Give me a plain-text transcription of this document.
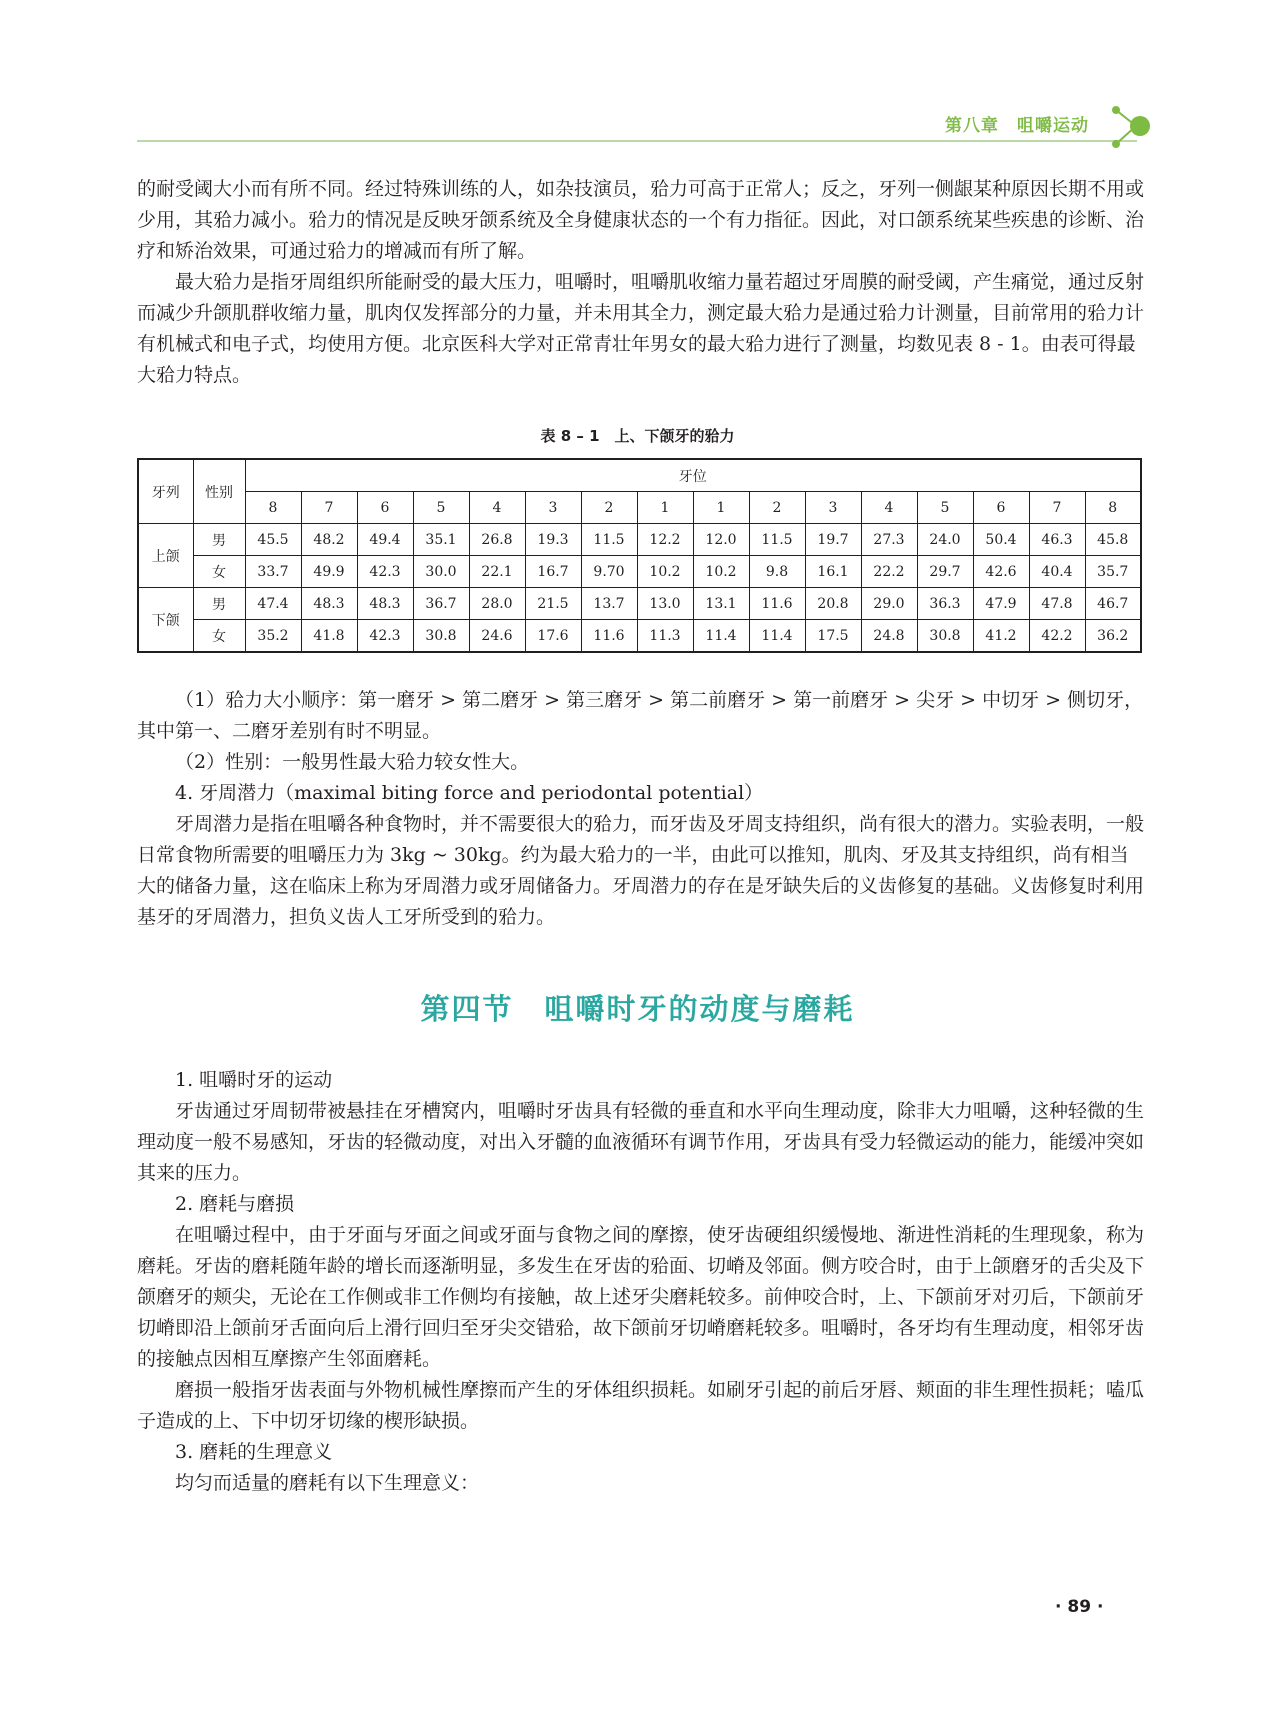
第八章　咀嚼运动

的耐受阈大小而有所不同。经过特殊训练的人，如杂技演员，𬌗力可高于正常人；反之，牙列一侧龈某种原因长期不用或少用，其𬌗力减小。𬌗力的情况是反映牙颌系统及全身健康状态的一个有力指征。因此，对口颌系统某些疾患的诊断、治疗和矫治效果，可通过𬌗力的增减而有所了解。

最大𬌗力是指牙周组织所能耐受的最大压力，咀嚼时，咀嚼肌收缩力量若超过牙周膜的耐受阈，产生痛觉，通过反射而减少升颌肌群收缩力量，肌肉仅发挥部分的力量，并未用其全力，测定最大𬌗力是通过𬌗力计测量，目前常用的𬌗力计有机械式和电子式，均使用方便。北京医科大学对正常青壮年男女的最大𬌗力进行了测量，均数见表 8 - 1。由表可得最大𬌗力特点。

表 8 – 1　上、下颌牙的𬌗力
牙列	性别	牙位															
		8	7	6	5	4	3	2	1	1	2	3	4	5	6	7	8
上颌	男	45.5	48.2	49.4	35.1	26.8	19.3	11.5	12.2	12.0	11.5	19.7	27.3	24.0	50.4	46.3	45.8
	女	33.7	49.9	42.3	30.0	22.1	16.7	9.70	10.2	10.2	9.8	16.1	22.2	29.7	42.6	40.4	35.7
下颌	男	47.4	48.3	48.3	36.7	28.0	21.5	13.7	13.0	13.1	11.6	20.8	29.0	36.3	47.9	47.8	46.7
	女	35.2	41.8	42.3	30.8	24.6	17.6	11.6	11.3	11.4	11.4	17.5	24.8	30.8	41.2	42.2	36.2

（1）𬌗力大小顺序：第一磨牙 > 第二磨牙 > 第三磨牙 > 第二前磨牙 > 第一前磨牙 > 尖牙 > 中切牙 > 侧切牙，其中第一、二磨牙差别有时不明显。

（2）性别：一般男性最大𬌗力较女性大。

4. 牙周潜力（maximal biting force and periodontal potential）

牙周潜力是指在咀嚼各种食物时，并不需要很大的𬌗力，而牙齿及牙周支持组织，尚有很大的潜力。实验表明，一般日常食物所需要的咀嚼压力为 3kg ~ 30kg。约为最大𬌗力的一半，由此可以推知，肌肉、牙及其支持组织，尚有相当大的储备力量，这在临床上称为牙周潜力或牙周储备力。牙周潜力的存在是牙缺失后的义齿修复的基础。义齿修复时利用基牙的牙周潜力，担负义齿人工牙所受到的𬌗力。

第四节　咀嚼时牙的动度与磨耗

1. 咀嚼时牙的运动

牙齿通过牙周韧带被悬挂在牙槽窝内，咀嚼时牙齿具有轻微的垂直和水平向生理动度，除非大力咀嚼，这种轻微的生理动度一般不易感知，牙齿的轻微动度，对出入牙髓的血液循环有调节作用，牙齿具有受力轻微运动的能力，能缓冲突如其来的压力。

2. 磨耗与磨损

在咀嚼过程中，由于牙面与牙面之间或牙面与食物之间的摩擦，使牙齿硬组织缓慢地、渐进性消耗的生理现象，称为磨耗。牙齿的磨耗随年龄的增长而逐渐明显，多发生在牙齿的𬌗面、切嵴及邻面。侧方咬合时，由于上颌磨牙的舌尖及下颌磨牙的颊尖，无论在工作侧或非工作侧均有接触，故上述牙尖磨耗较多。前伸咬合时，上、下颌前牙对刃后，下颌前牙切嵴即沿上颌前牙舌面向后上滑行回归至牙尖交错𬌗，故下颌前牙切嵴磨耗较多。咀嚼时，各牙均有生理动度，相邻牙齿的接触点因相互摩擦产生邻面磨耗。

磨损一般指牙齿表面与外物机械性摩擦而产生的牙体组织损耗。如刷牙引起的前后牙唇、颊面的非生理性损耗；嗑瓜子造成的上、下中切牙切缘的楔形缺损。

3. 磨耗的生理意义

均匀而适量的磨耗有以下生理意义：

· 89 ·
